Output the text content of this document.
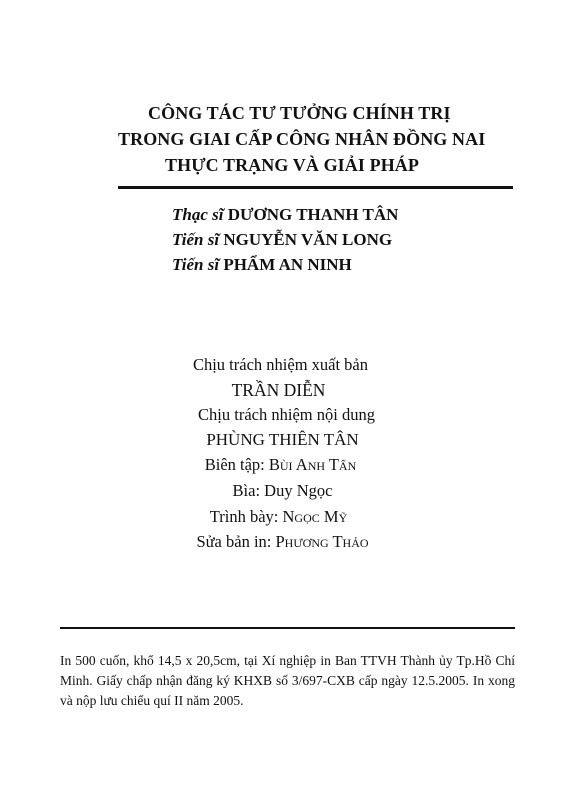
CÔNG TÁC TƯ TƯỞNG CHÍNH TRỊ
TRONG GIAI CẤP CÔNG NHÂN ĐỒNG NAI
THỰC TRẠNG VÀ GIẢI PHÁP
Thạc sĩ DƯƠNG THANH TÂN
Tiến sĩ NGUYỄN VĂN LONG
Tiến sĩ PHẨM AN NINH
Chịu trách nhiệm xuất bản
TRẦN DIỄN
Chịu trách nhiệm nội dung
PHÙNG THIÊN TÂN
Biên tập: Bùi Anh Tấn
Bìa: Duy Ngọc
Trình bày: Ngọc Mỹ
Sửa bản in: Phương Thảo
In 500 cuốn, khổ 14,5 x 20,5cm, tại Xí nghiệp in Ban TTVH Thành ủy Tp.Hồ Chí Minh. Giấy chấp nhận đăng ký KHXB số 3/697-CXB cấp ngày 12.5.2005. In xong và nộp lưu chiểu quí II năm 2005.
